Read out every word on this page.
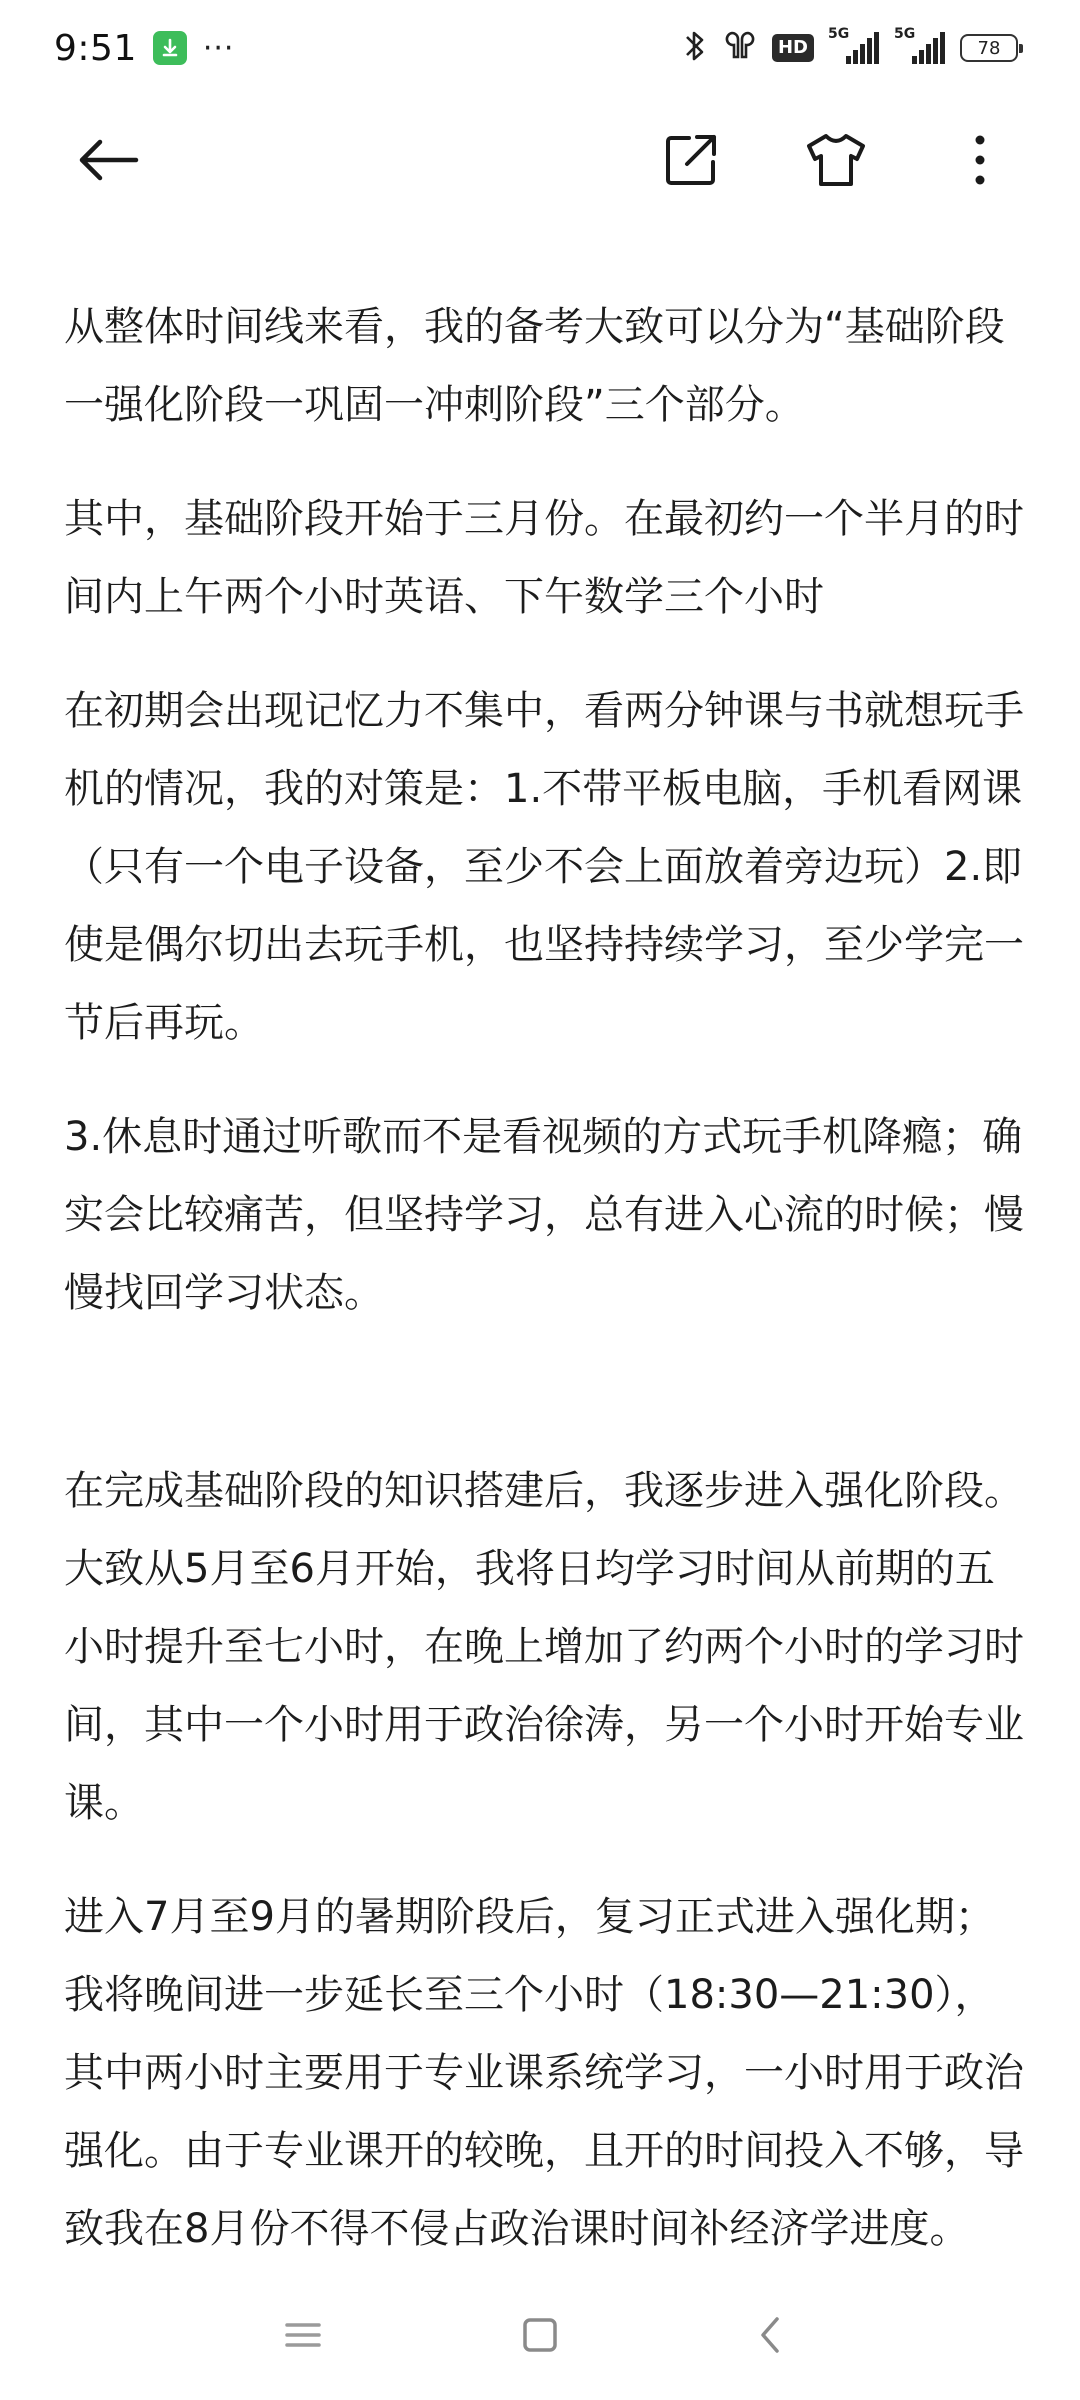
9:51 ···	HD
5G	5G
78

从整体时间线来看，我的备考大致可以分为“基础阶段一强化阶段一巩固一冲刺阶段”三个部分。

其中，基础阶段开始于三月份。在最初约一个半月的时间内上午两个小时英语、下午数学三个小时

在初期会出现记忆力不集中，看两分钟课与书就想玩手机的情况，我的对策是：1.不带平板电脑，手机看网课（只有一个电子设备，至少不会上面放着旁边玩）2.即使是偶尔切出去玩手机，也坚持持续学习，至少学完一节后再玩。

3.休息时通过听歌而不是看视频的方式玩手机降瘾；确实会比较痛苦，但坚持学习，总有进入心流的时候；慢慢找回学习状态。

在完成基础阶段的知识搭建后，我逐步进入强化阶段。大致从5月至6月开始，我将日均学习时间从前期的五小时提升至七小时，在晚上增加了约两个小时的学习时间，其中一个小时用于政治徐涛，另一个小时开始专业课。

进入7月至9月的暑期阶段后，复习正式进入强化期；我将晚间进一步延长至三个小时（18:30—21:30），其中两小时主要用于专业课系统学习，一小时用于政治强化。由于专业课开的较晚，且开的时间投入不够，导致我在8月份不得不侵占政治课时间补经济学进度。
